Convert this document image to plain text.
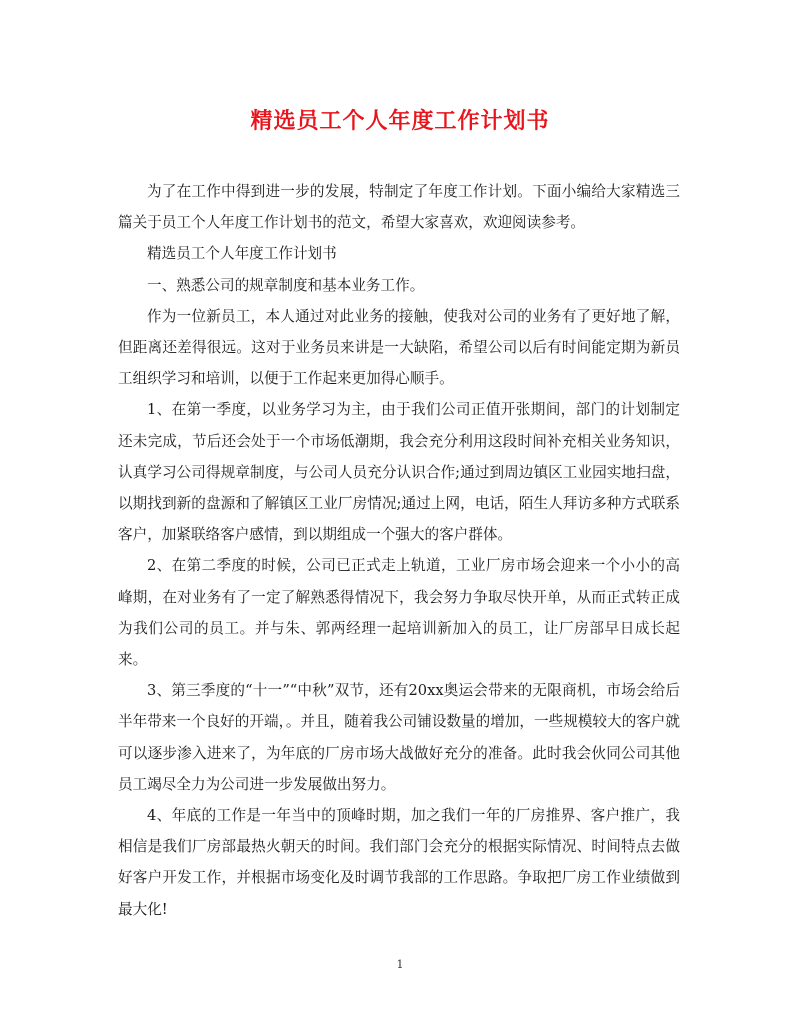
精选员工个人年度工作计划书

为了在工作中得到进一步的发展，特制定了年度工作计划。下面小编给大家精选三篇关于员工个人年度工作计划书的范文，希望大家喜欢，欢迎阅读参考。

精选员工个人年度工作计划书

一、熟悉公司的规章制度和基本业务工作。

作为一位新员工，本人通过对此业务的接触，使我对公司的业务有了更好地了解，但距离还差得很远。这对于业务员来讲是一大缺陷，希望公司以后有时间能定期为新员工组织学习和培训，以便于工作起来更加得心顺手。

1、在第一季度，以业务学习为主，由于我们公司正值开张期间，部门的计划制定还未完成，节后还会处于一个市场低潮期，我会充分利用这段时间补充相关业务知识，认真学习公司得规章制度，与公司人员充分认识合作;通过到周边镇区工业园实地扫盘，以期找到新的盘源和了解镇区工业厂房情况;通过上网，电话，陌生人拜访多种方式联系客户，加紧联络客户感情，到以期组成一个强大的客户群体。

2、在第二季度的时候，公司已正式走上轨道，工业厂房市场会迎来一个小小的高峰期，在对业务有了一定了解熟悉得情况下，我会努力争取尽快开单，从而正式转正成为我们公司的员工。并与朱、郭两经理一起培训新加入的员工，让厂房部早日成长起来。

3、第三季度的“十一”“中秋”双节，还有20xx奥运会带来的无限商机，市场会给后半年带来一个良好的开端，。并且，随着我公司铺设数量的增加，一些规模较大的客户就可以逐步渗入进来了，为年底的厂房市场大战做好充分的准备。此时我会伙同公司其他员工竭尽全力为公司进一步发展做出努力。

4、年底的工作是一年当中的顶峰时期，加之我们一年的厂房推界、客户推广，我相信是我们厂房部最热火朝天的时间。我们部门会充分的根据实际情况、时间特点去做好客户开发工作，并根据市场变化及时调节我部的工作思路。争取把厂房工作业绩做到最大化!

1
